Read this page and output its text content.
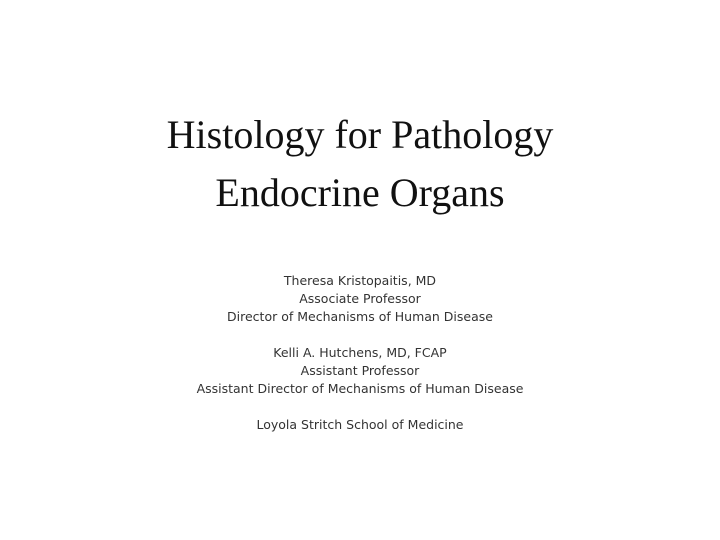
Histology for Pathology
Endocrine Organs
Theresa Kristopaitis, MD
Associate Professor
Director of Mechanisms of Human Disease
Kelli A. Hutchens, MD, FCAP
Assistant Professor
Assistant Director of Mechanisms of Human Disease
Loyola Stritch School of Medicine
